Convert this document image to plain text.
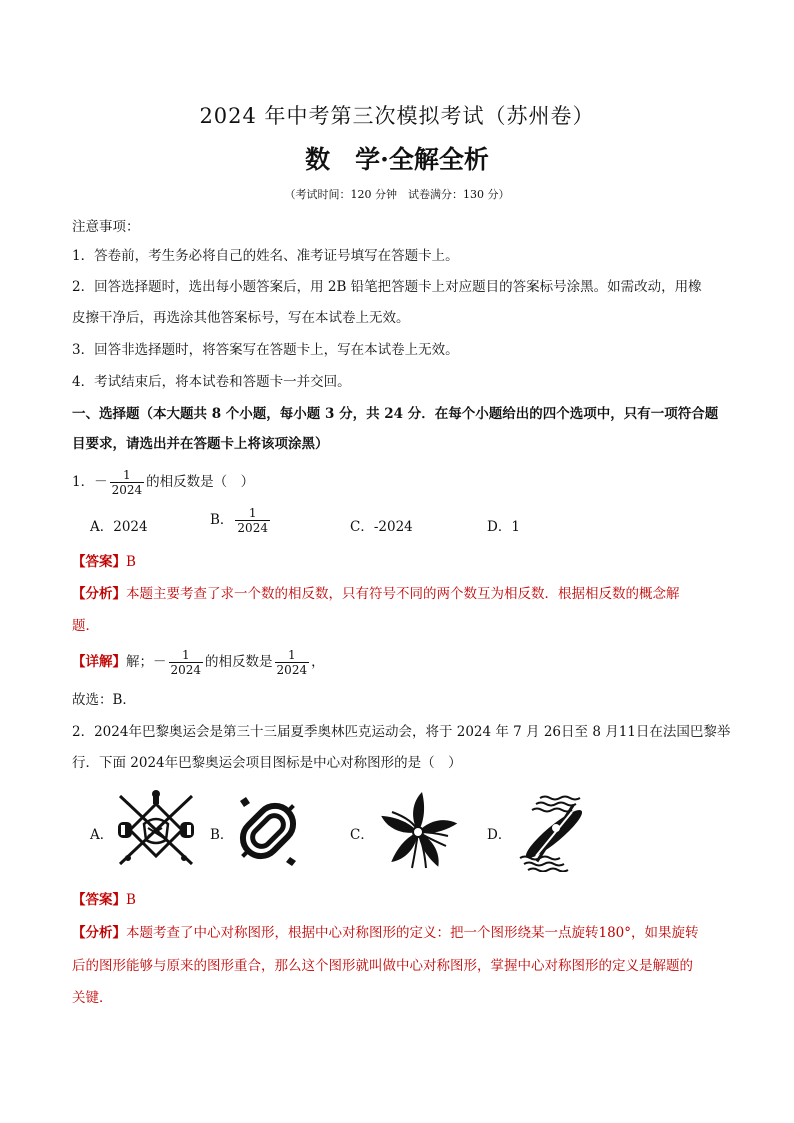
2024 年中考第三次模拟考试（苏州卷）
数　学·全解全析
（考试时间：120 分钟　试卷满分：130 分）
注意事项：
1．答卷前，考生务必将自己的姓名、准考证号填写在答题卡上。
2．回答选择题时，选出每小题答案后，用 2B 铅笔把答题卡上对应题目的答案标号涂黑。如需改动，用橡
皮擦干净后，再选涂其他答案标号，写在本试卷上无效。
3．回答非选择题时，将答案写在答题卡上，写在本试卷上无效。
4．考试结束后，将本试卷和答题卡一并交回。
一、选择题（本大题共 8 个小题，每小题 3 分，共 24 分．在每个小题给出的四个选项中，只有一项符合题
目要求，请选出并在答题卡上将该项涂黑）
1．－ $\frac{1}{2024}$ 的相反数是（　）
A．2024	B． $\frac{1}{2024}$	C．-2024	D．1
【答案】B
【分析】本题主要考查了求一个数的相反数，只有符号不同的两个数互为相反数．根据相反数的概念解
题．
【详解】解；－ $\frac{1}{2024}$ 的相反数是 $\frac{1}{2024}$ ，
故选：B．
2．2024年巴黎奥运会是第三十三届夏季奥林匹克运动会，将于 2024 年 7 月 26日至 8 月11日在法国巴黎举
行．下面 2024年巴黎奥运会项目图标是中心对称图形的是（　）
A．	B．	C．	D．
【答案】B
【分析】本题考查了中心对称图形，根据中心对称图形的定义：把一个图形绕某一点旋转180°，如果旋转
后的图形能够与原来的图形重合，那么这个图形就叫做中心对称图形，掌握中心对称图形的定义是解题的
关键．
